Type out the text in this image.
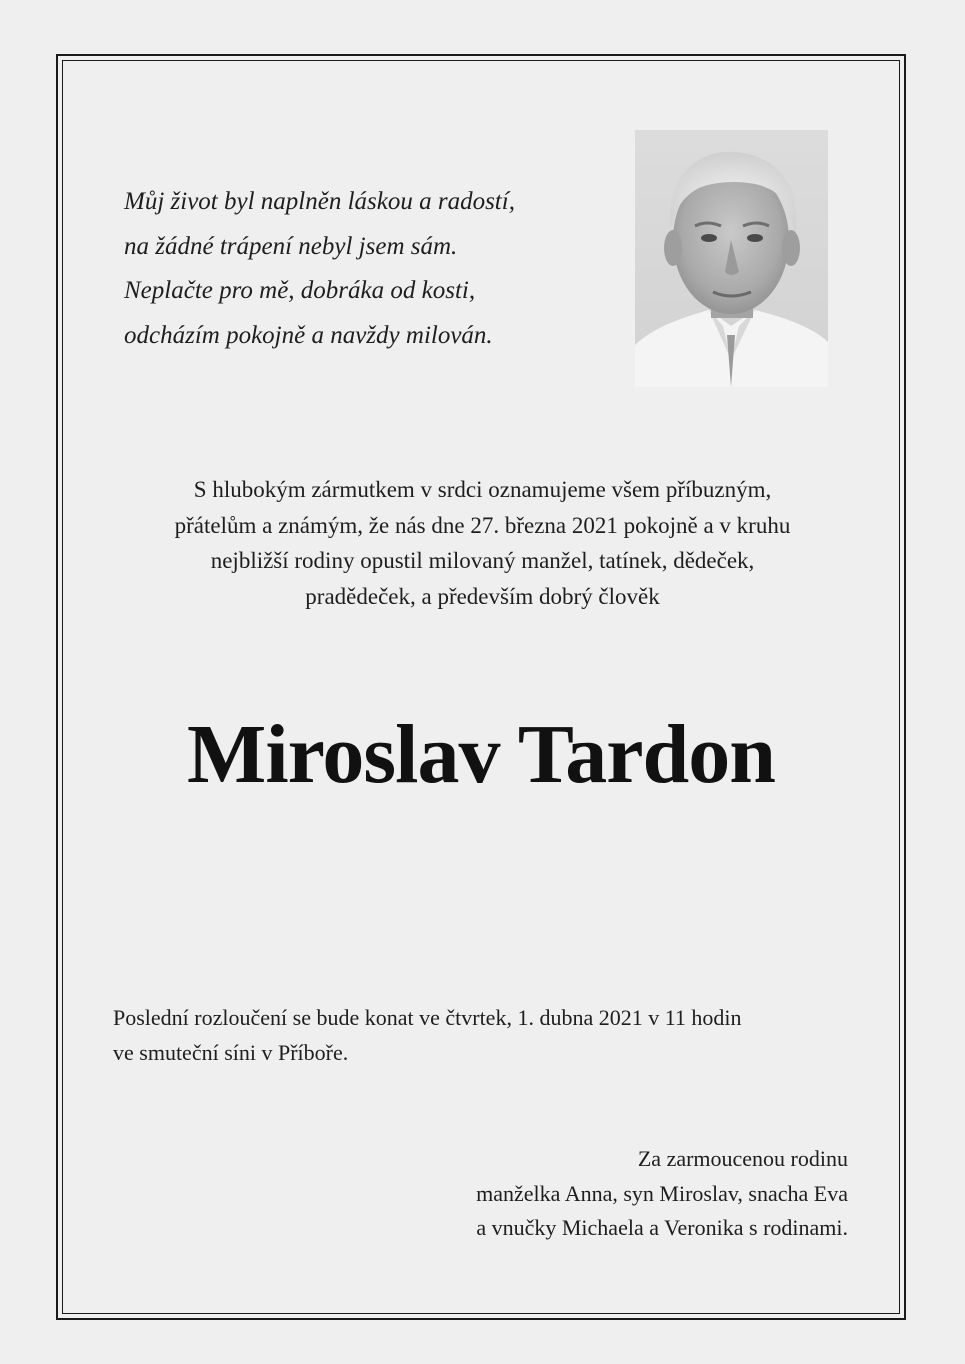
Můj život byl naplněn láskou a radostí,
na žádné trápení nebyl jsem sám.
Neplačte pro mě, dobráka od kosti,
odcházím pokojně a navždy milován.
S hlubokým zármutkem v srdci oznamujeme všem příbuzným,
přátelům a známým, že nás dne 27. března 2021 pokojně a v kruhu
nejbližší rodiny opustil milovaný manžel, tatínek, dědeček,
pradědeček, a především dobrý člověk
Miroslav Tardon
Poslední rozloučení se bude konat ve čtvrtek, 1. dubna 2021 v 11 hodin
ve smuteční síni v Příboře.
Za zarmoucenou rodinu
manželka Anna, syn Miroslav, snacha Eva
a vnučky Michaela a Veronika s rodinami.
